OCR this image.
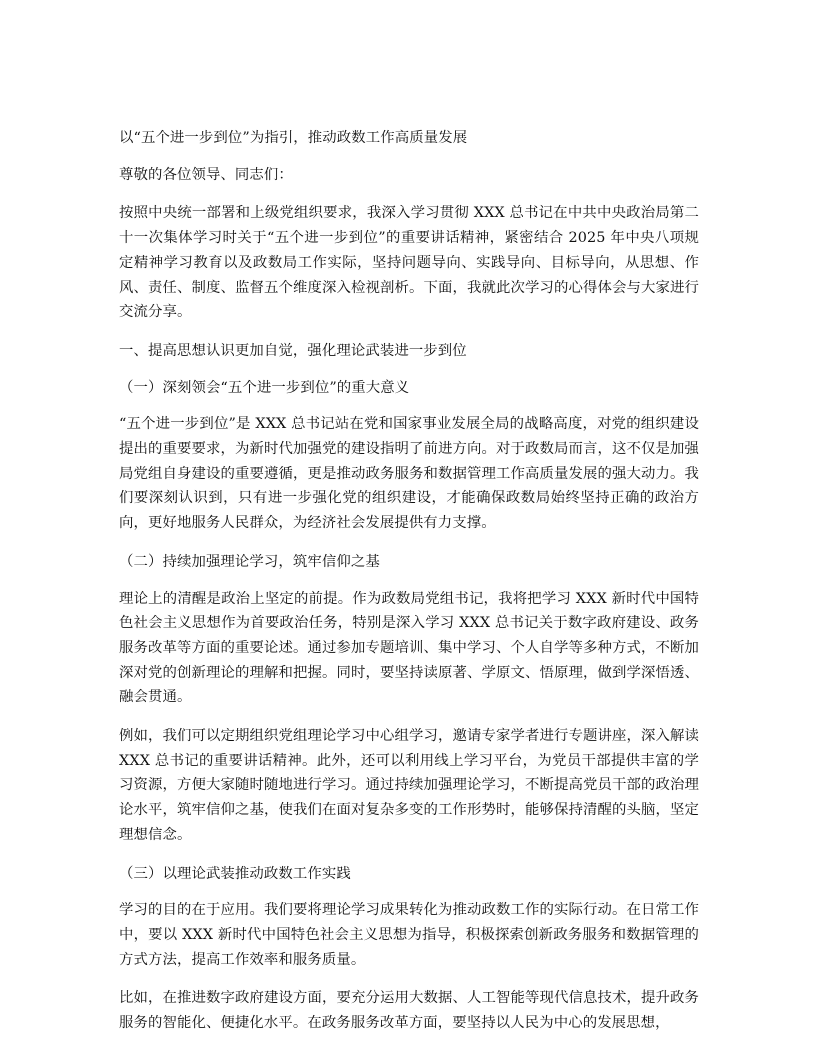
以“五个进一步到位”为指引，推动政数工作高质量发展

尊敬的各位领导、同志们：

按照中央统一部署和上级党组织要求，我深入学习贯彻 XXX 总书记在中共中央政治局第二十一次集体学习时关于“五个进一步到位”的重要讲话精神，紧密结合 2025 年中央八项规定精神学习教育以及政数局工作实际，坚持问题导向、实践导向、目标导向，从思想、作风、责任、制度、监督五个维度深入检视剖析。下面，我就此次学习的心得体会与大家进行交流分享。

一、提高思想认识更加自觉，强化理论武装进一步到位

（一）深刻领会“五个进一步到位”的重大意义

“五个进一步到位”是 XXX 总书记站在党和国家事业发展全局的战略高度，对党的组织建设提出的重要要求，为新时代加强党的建设指明了前进方向。对于政数局而言，这不仅是加强局党组自身建设的重要遵循，更是推动政务服务和数据管理工作高质量发展的强大动力。我们要深刻认识到，只有进一步强化党的组织建设，才能确保政数局始终坚持正确的政治方向，更好地服务人民群众，为经济社会发展提供有力支撑。

（二）持续加强理论学习，筑牢信仰之基

理论上的清醒是政治上坚定的前提。作为政数局党组书记，我将把学习 XXX 新时代中国特色社会主义思想作为首要政治任务，特别是深入学习 XXX 总书记关于数字政府建设、政务服务改革等方面的重要论述。通过参加专题培训、集中学习、个人自学等多种方式，不断加深对党的创新理论的理解和把握。同时，要坚持读原著、学原文、悟原理，做到学深悟透、融会贯通。

例如，我们可以定期组织党组理论学习中心组学习，邀请专家学者进行专题讲座，深入解读 XXX 总书记的重要讲话精神。此外，还可以利用线上学习平台，为党员干部提供丰富的学习资源，方便大家随时随地进行学习。通过持续加强理论学习，不断提高党员干部的政治理论水平，筑牢信仰之基，使我们在面对复杂多变的工作形势时，能够保持清醒的头脑，坚定理想信念。

（三）以理论武装推动政数工作实践

学习的目的在于应用。我们要将理论学习成果转化为推动政数工作的实际行动。在日常工作中，要以 XXX 新时代中国特色社会主义思想为指导，积极探索创新政务服务和数据管理的方式方法，提高工作效率和服务质量。

比如，在推进数字政府建设方面，要充分运用大数据、人工智能等现代信息技术，提升政务服务的智能化、便捷化水平。在政务服务改革方面，要坚持以人民为中心的发展思想，
